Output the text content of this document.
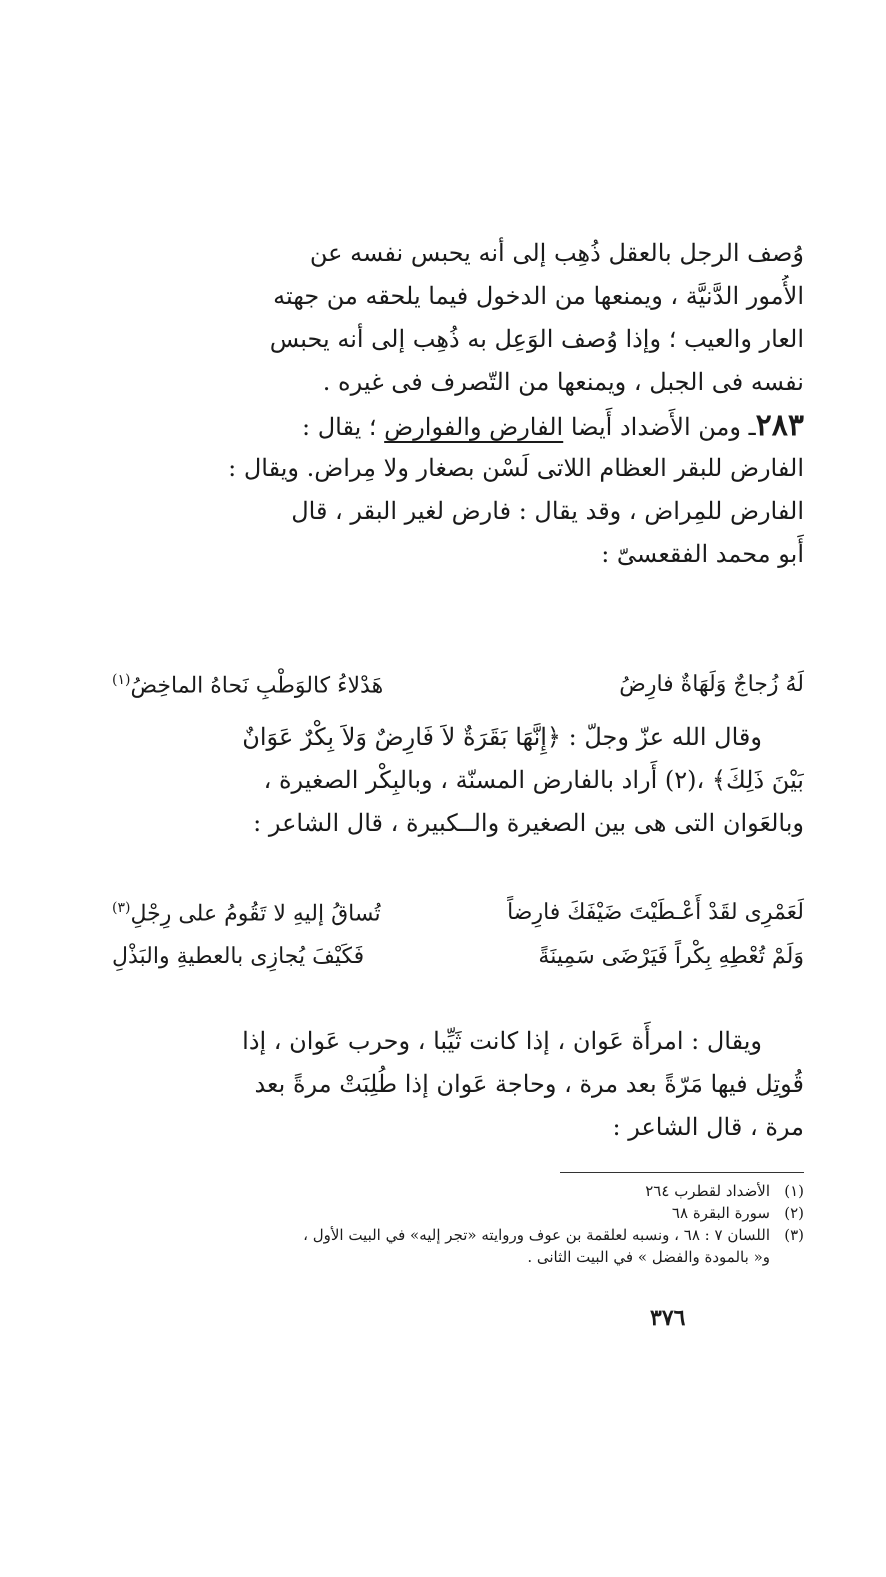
وُصف الرجل بالعقل ذُهِب إلى أنه يحبس نفسه عن
الأُمور الدَّنيَّة ، ويمنعها من الدخول فيما يلحقه من جهته
العار والعيب ؛ وإذا وُصف الوَعِل به ذُهِب إلى أنه يحبس
نفسه فى الجبل ، ويمنعها من التّصرف فى غيره .
٢٨٣ـ ومن الأَضداد أَيضا الفارض والفوارض ؛ يقال :
الفارض للبقر العظام اللاتى لَسْن بصغار ولا مِراض. ويقال :
الفارض للمِراض ، وقد يقال : فارض لغير البقر ، قال
أَبو محمد الفقعسىّ :
لَهُ زُجاجٌ وَلَهَاةٌ فارِضُ
هَدْلاءُ كالوَطْبِ نَحاهُ الماخِضُ$^{(١)}$
وقال الله عزّ وجلّ : ﴿إِنَّهَا بَقَرَةٌ لاَ فَارِضٌ وَلاَ بِكْرٌ عَوَانٌ
بَيْنَ ذَلِكَ﴾ ،(٢) أَراد بالفارض المسنّة ، وبالبِكْر الصغيرة ،
وبالعَوان التى هى بين الصغيرة والــكبيرة ، قال الشاعر :
لَعَمْرِى لقَدْ أَعْـطَيْتَ ضَيْفَكَ فارِضاً
تُساقُ إليهِ لا تَقُومُ على رِجْلِ$^{(٣)}$
وَلَمْ تُعْطِهِ بِكْراً فَيَرْضَى سَمِينَةً
فَكَيْفَ يُجازِى بالعطيةِ والبَذْلِ
ويقال : امرأَة عَوان ، إذا كانت ثَيِّبا ، وحرب عَوان ، إذا
قُوتِل فيها مَرّةً بعد مرة ، وحاجة عَوان إذا طُلِبَتْ مرةً بعد
مرة ، قال الشاعر :
(١)الأضداد لقطرب ٢٦٤
(٢)سورة البقرة ٦٨
(٣)اللسان ٧ : ٦٨ ، ونسبه لعلقمة بن عوف وروايته «تجر إليه» في البيت الأول ،
و« بالمودة والفضل » في البيت الثانى .
٣٧٦
